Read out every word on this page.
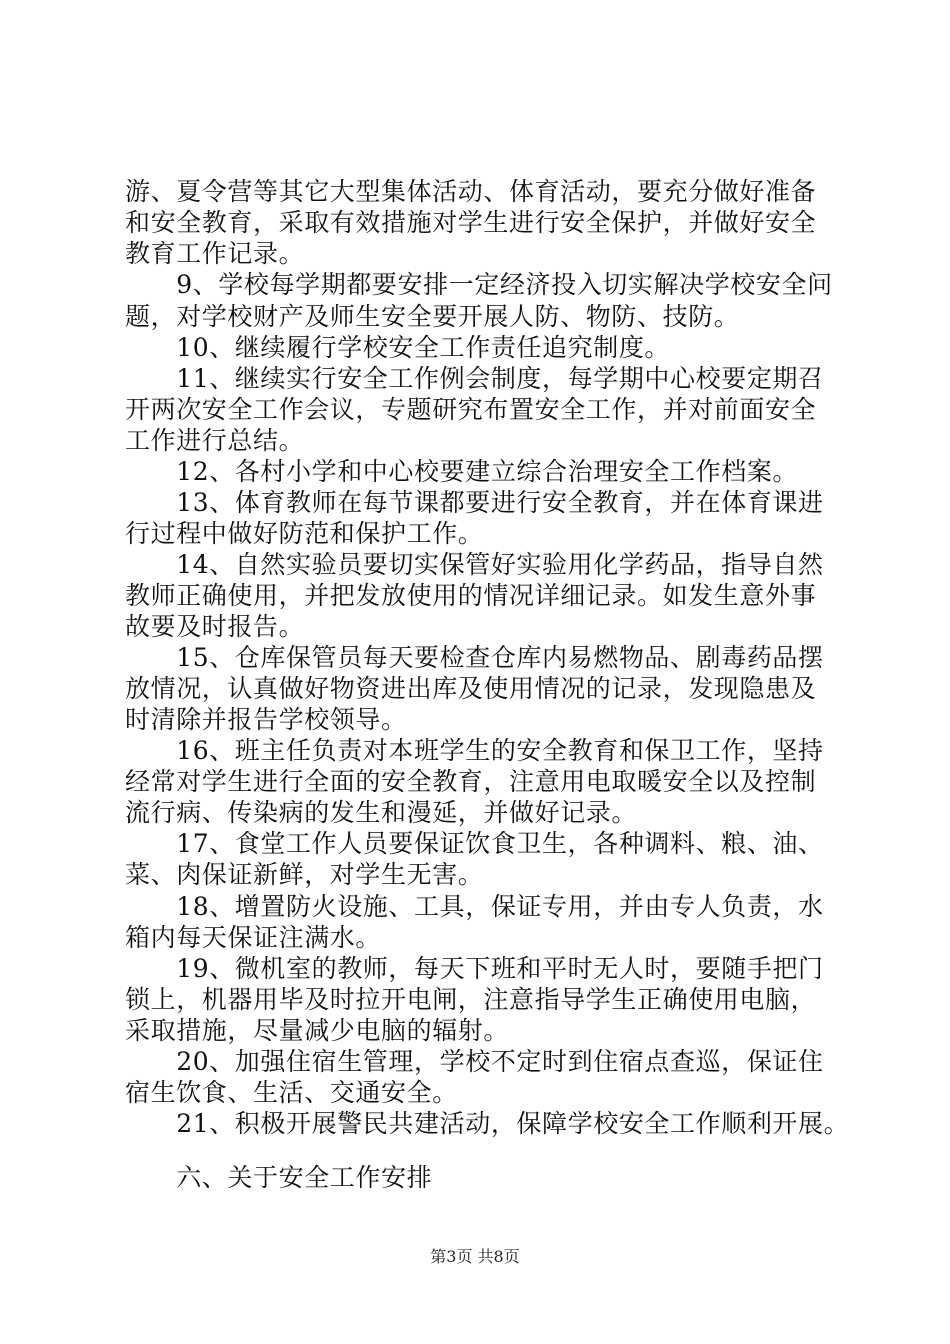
游、夏令营等其它大型集体活动、体育活动，要充分做好准备
和安全教育，采取有效措施对学生进行安全保护，并做好安全
教育工作记录。
　　9、学校每学期都要安排一定经济投入切实解决学校安全问
题，对学校财产及师生安全要开展人防、物防、技防。
　　10、继续履行学校安全工作责任追究制度。
　　11、继续实行安全工作例会制度，每学期中心校要定期召
开两次安全工作会议，专题研究布置安全工作，并对前面安全
工作进行总结。
　　12、各村小学和中心校要建立综合治理安全工作档案。
　　13、体育教师在每节课都要进行安全教育，并在体育课进
行过程中做好防范和保护工作。
　　14、自然实验员要切实保管好实验用化学药品，指导自然
教师正确使用，并把发放使用的情况详细记录。如发生意外事
故要及时报告。
　　15、仓库保管员每天要检查仓库内易燃物品、剧毒药品摆
放情况，认真做好物资进出库及使用情况的记录，发现隐患及
时清除并报告学校领导。
　　16、班主任负责对本班学生的安全教育和保卫工作，坚持
经常对学生进行全面的安全教育，注意用电取暖安全以及控制
流行病、传染病的发生和漫延，并做好记录。
　　17、食堂工作人员要保证饮食卫生，各种调料、粮、油、
菜、肉保证新鲜，对学生无害。
　　18、增置防火设施、工具，保证专用，并由专人负责，水
箱内每天保证注满水。
　　19、微机室的教师，每天下班和平时无人时，要随手把门
锁上，机器用毕及时拉开电闸，注意指导学生正确使用电脑，
采取措施，尽量减少电脑的辐射。
　　20、加强住宿生管理，学校不定时到住宿点查巡，保证住
宿生饮食、生活、交通安全。
　　21、积极开展警民共建活动，保障学校安全工作顺利开展。
　　六、关于安全工作安排
第3页 共8页
